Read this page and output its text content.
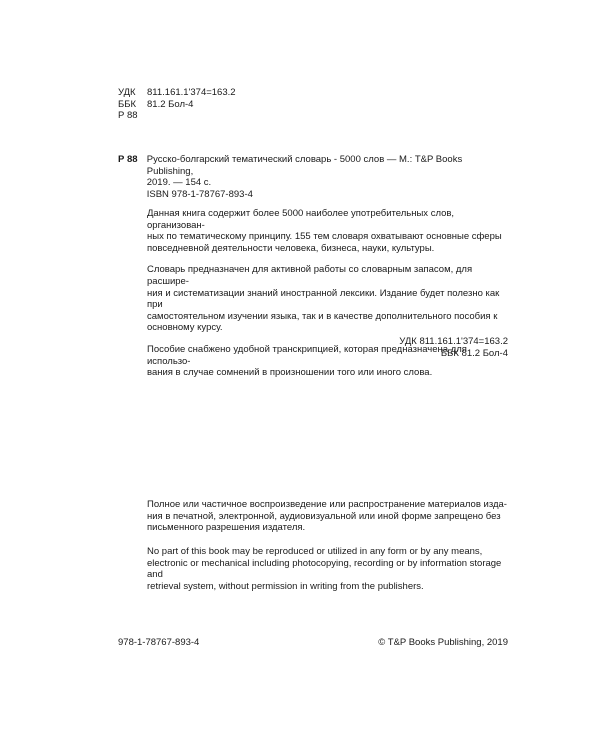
УДК	811.161.1'374=163.2
ББК	81.2 Бол-4
Р 88
Р 88 Русско-болгарский тематический словарь - 5000 слов — М.: T&P Books Publishing,
2019. — 154 с.
ISBN 978-1-78767-893-4

Данная книга содержит более 5000 наиболее употребительных слов, организован-
ных по тематическому принципу. 155 тем словаря охватывают основные сферы
повседневной деятельности человека, бизнеса, науки, культуры.

Словарь предназначен для активной работы со словарным запасом, для расшире-
ния и систематизации знаний иностранной лексики. Издание будет полезно как при
самостоятельном изучении языка, так и в качестве дополнительного пособия к
основному курсу.

Пособие снабжено удобной транскрипцией, которая предназначена для использо-
вания в случае сомнений в произношении того или иного слова.

УДК 811.161.1'374=163.2
ББК 81.2 Бол-4
Полное или частичное воспроизведение или распространение материалов изда-
ния в печатной, электронной, аудиовизуальной или иной форме запрещено без
письменного разрешения издателя.
No part of this book may be reproduced or utilized in any form or by any means,
electronic or mechanical including photocopying, recording or by information storage and
retrieval system, without permission in writing from the publishers.
978-1-78767-893-4	© T&P Books Publishing, 2019
